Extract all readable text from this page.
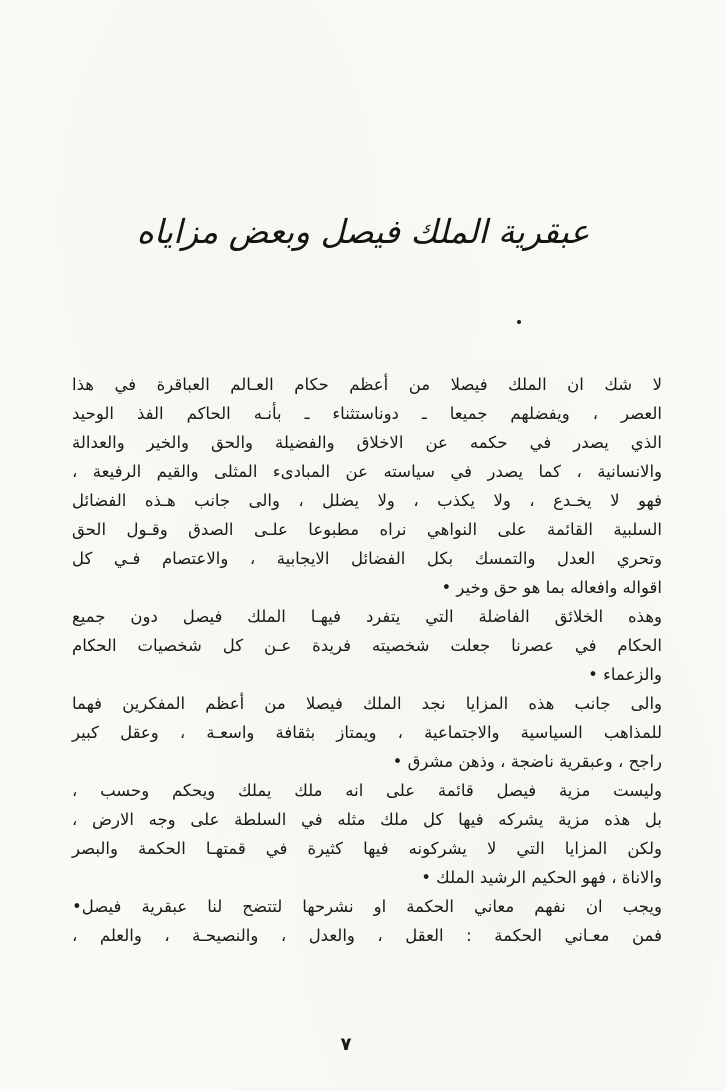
عبقرية الملك فيصل وبعض مزاياه
لا شك ان الملك فيصلا من أعظم حكام العـالم العباقرة في هذا
العصر ، ويفضلهم جميعا ـ دوناستثناء ـ بأنـه الحاكم الفذ الوحيد
الذي يصدر في حكمه عن الاخلاق والفضيلة والحق والخير والعدالة
والانسانية ، كما يصدر في سياسته عن المبادىء المثلى والقيم الرفيعة ،
فهو لا يخـدع ، ولا يكذب ، ولا يضلل ، والى جانب هـذه الفضائل
السلبية القائمة على النواهي نراه مطبوعا علـى الصدق وقـول الحق
وتحري العدل والتمسك بكل الفضائل الايجابية ، والاعتصام فـي كل
اقواله وافعاله بما هو حق وخير •
وهذه الخلائق الفاضلة التي يتفرد فيهـا الملك فيصل دون جميع
الحكام في عصرنا جعلت شخصيته فريدة عـن كل شخصيات الحكام
والزعماء •
والى جانب هذه المزايا نجد الملك فيصلا من أعظم المفكرين فهما
للمذاهب السياسية والاجتماعية ، ويمتاز بثقافة واسعـة ، وعقل كبير
راجح ، وعبقرية ناضجة ، وذهن مشرق •
وليست مزية فيصل قائمة على انه ملك يملك ويحكم وحسب ،
بل هذه مزية يشركه فيها كل ملك مثله في السلطة على وجه الارض ،
ولكن المزايا التي لا يشركونه فيها كثيرة في قمتهـا الحكمة والبصر
والاناة ، فهو الحكيم الرشيد الملك •
ويجب ان نفهم معاني الحكمة او نشرحها لتتضح لنا عبقرية فيصل•
فمن معـاني الحكمة : العقل ، والعدل ، والنصيحـة ، والعلم ،
٧
